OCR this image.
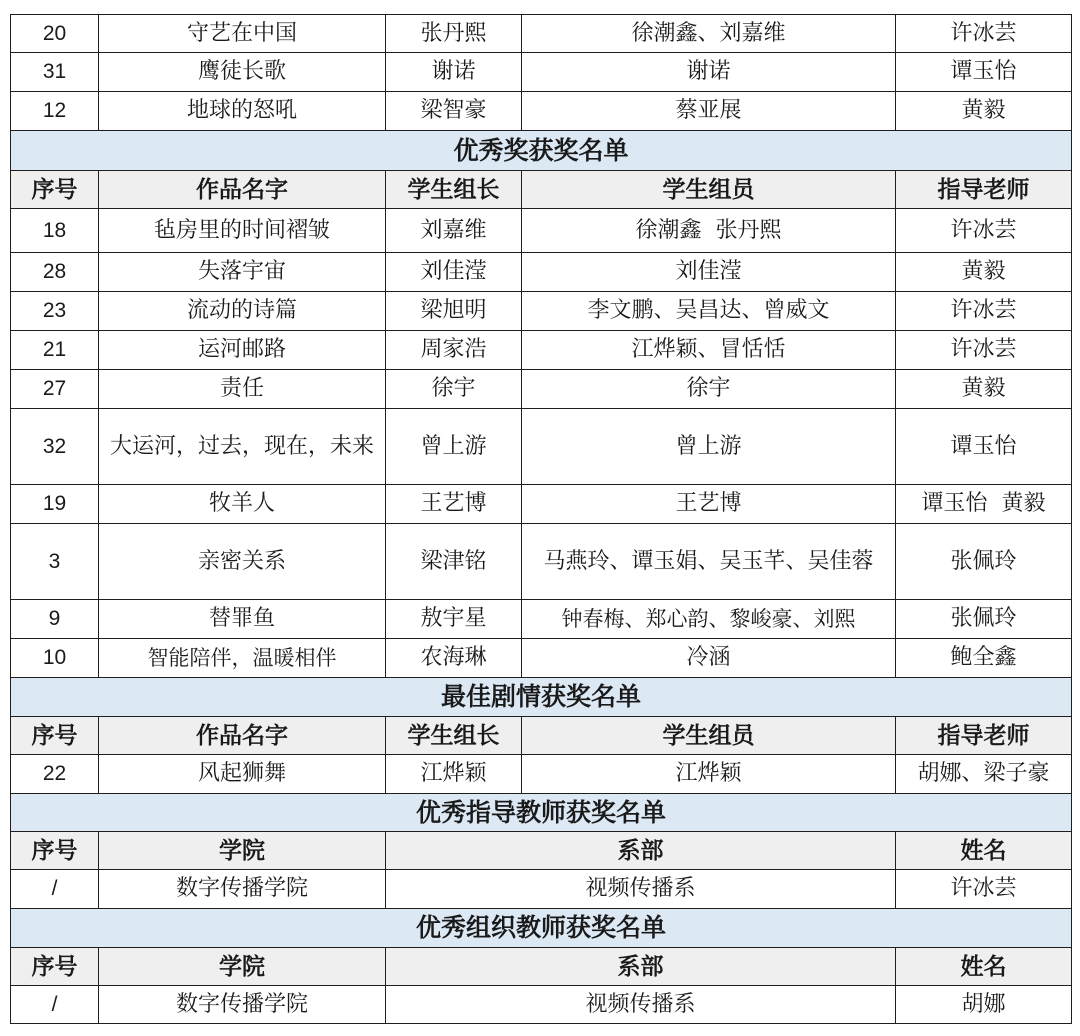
20	守艺在中国	张丹熙	徐潮鑫、刘嘉维	许冰芸
31	鹰徒长歌	谢诺	谢诺	谭玉怡
12	地球的怒吼	梁智豪	蔡亚展	黄毅
优秀奖获奖名单				
序号	作品名字	学生组长	学生组员	指导老师
18	毡房里的时间褶皱	刘嘉维	徐潮鑫  张丹熙	许冰芸
28	失落宇宙	刘佳滢	刘佳滢	黄毅
23	流动的诗篇	梁旭明	李文鹏、吴昌达、曾威文	许冰芸
21	运河邮路	周家浩	江烨颖、冒恬恬	许冰芸
27	责任	徐宇	徐宇	黄毅
32	大运河，过去，现在，未来	曾上游	曾上游	谭玉怡
19	牧羊人	王艺博	王艺博	谭玉怡  黄毅
3	亲密关系	梁津铭	马燕玲、谭玉娟、吴玉芊、吴佳蓉	张佩玲
9	替罪鱼	敖宇星	钟春梅、郑心韵、黎峻豪、刘熙	张佩玲
10	智能陪伴，温暖相伴	农海琳	冷涵	鲍全鑫
最佳剧情获奖名单				
序号	作品名字	学生组长	学生组员	指导老师
22	风起狮舞	江烨颖	江烨颖	胡娜、梁子豪
优秀指导教师获奖名单				
序号	学院	系部		姓名
/	数字传播学院	视频传播系		许冰芸
优秀组织教师获奖名单				
序号	学院	系部		姓名
/	数字传播学院	视频传播系		胡娜
